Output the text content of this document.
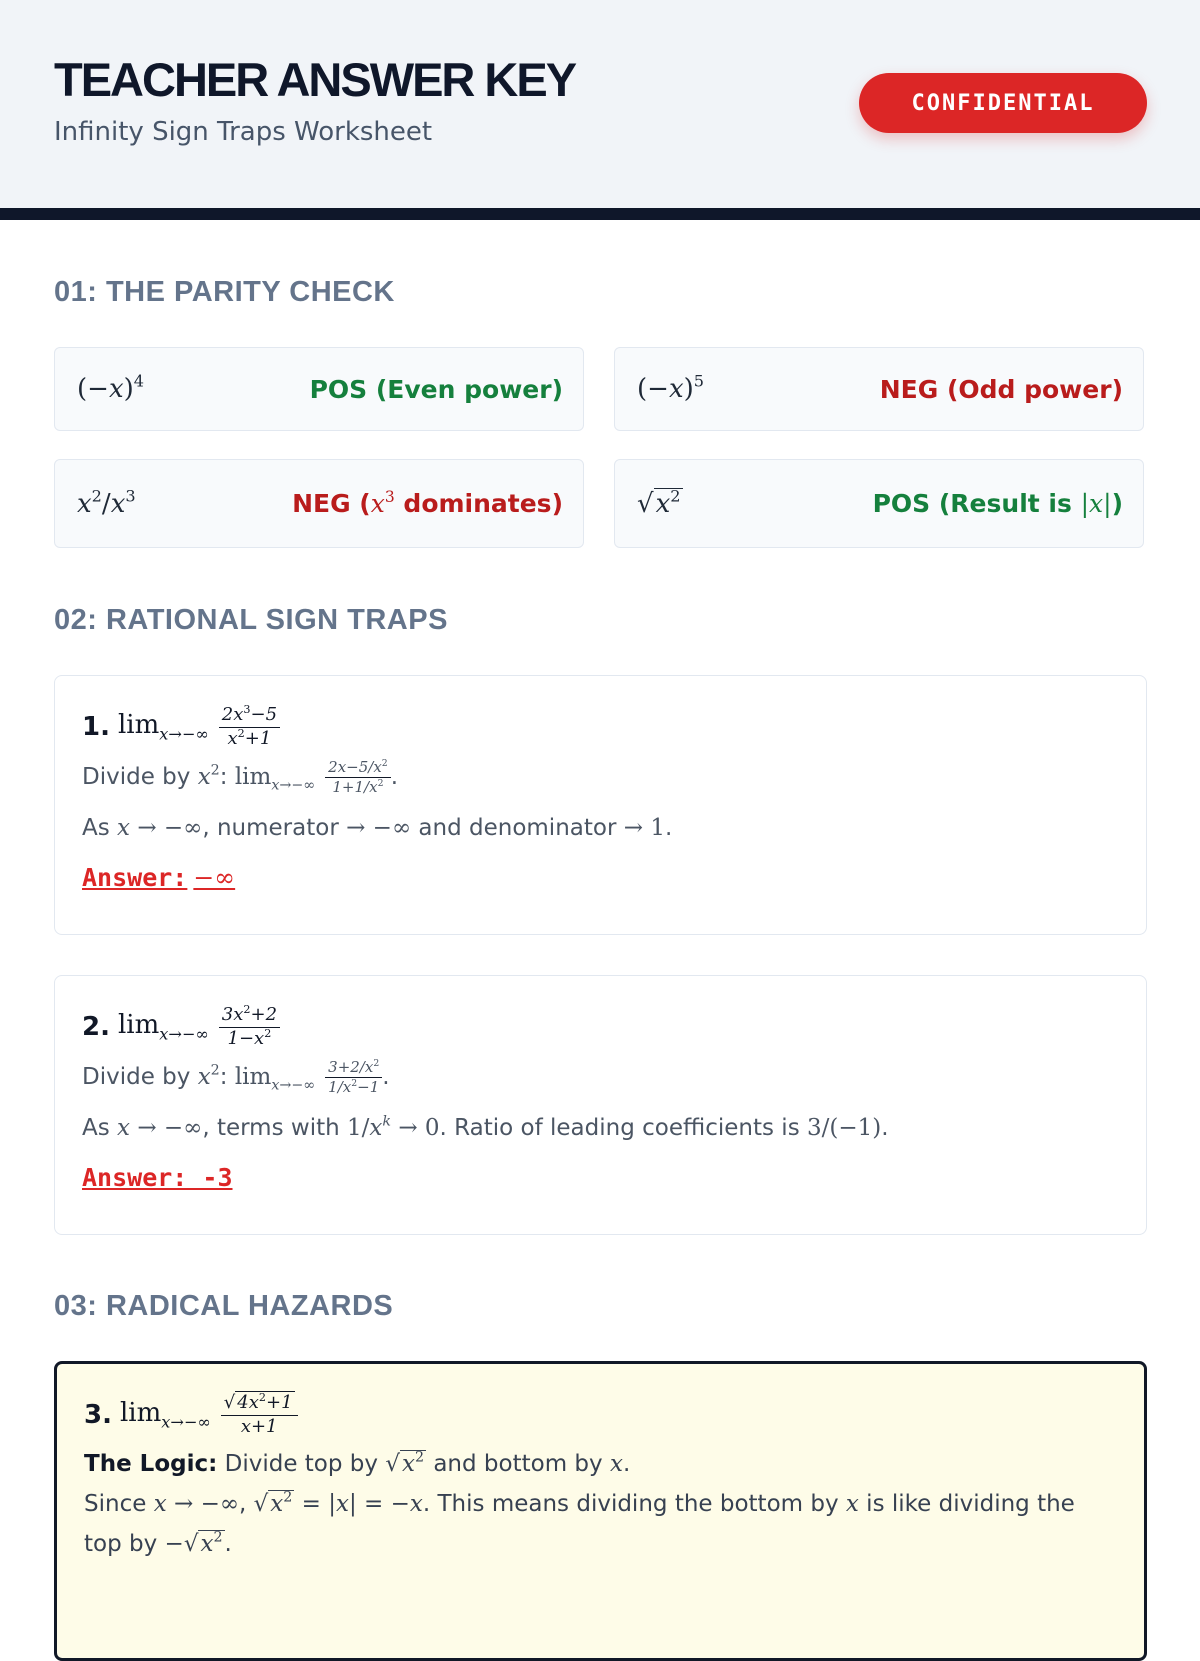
TEACHER ANSWER KEY
Infinity Sign Traps Worksheet
CONFIDENTIAL
01: THE PARITY CHECK
$(-x)^4$	POS (Even power)	$(-x)^5$	NEG (Odd power)
$x^2/x^3$	NEG ($x^3$ dominates)	$√x^2$	POS (Result is |x|)
02: RATIONAL SIGN TRAPS
1. $\lim_{x\to-\infty} \frac{2x^3-5}{x^2+1}$
Divide by $x^2$: $\lim_{x\to-\infty} \frac{2x-5/x^2}{1+1/x^2}$ .
As x → −∞, numerator → −∞ and denominator → 1.
Answer: −∞
2. $\lim_{x\to-\infty} \frac{3x^2+2}{1-x^2}$
Divide by $x^2$: $\lim_{x\to-\infty} \frac{3+2/x^2}{1/x^2-1}$ .
As x → −∞, terms with $1/x^k \to 0$. Ratio of leading coefficients is 3/(−1).
Answer: -3
03: RADICAL HAZARDS
3. $\lim_{x\to-\infty} \frac{√ 4x^2+1}{x+1}$
The Logic: Divide top by $√x^2$ and bottom by x.
Since x → −∞, $√x^2 = |x| = -x$. This means dividing the bottom by x is like dividing the
top by $-√x^2$.
